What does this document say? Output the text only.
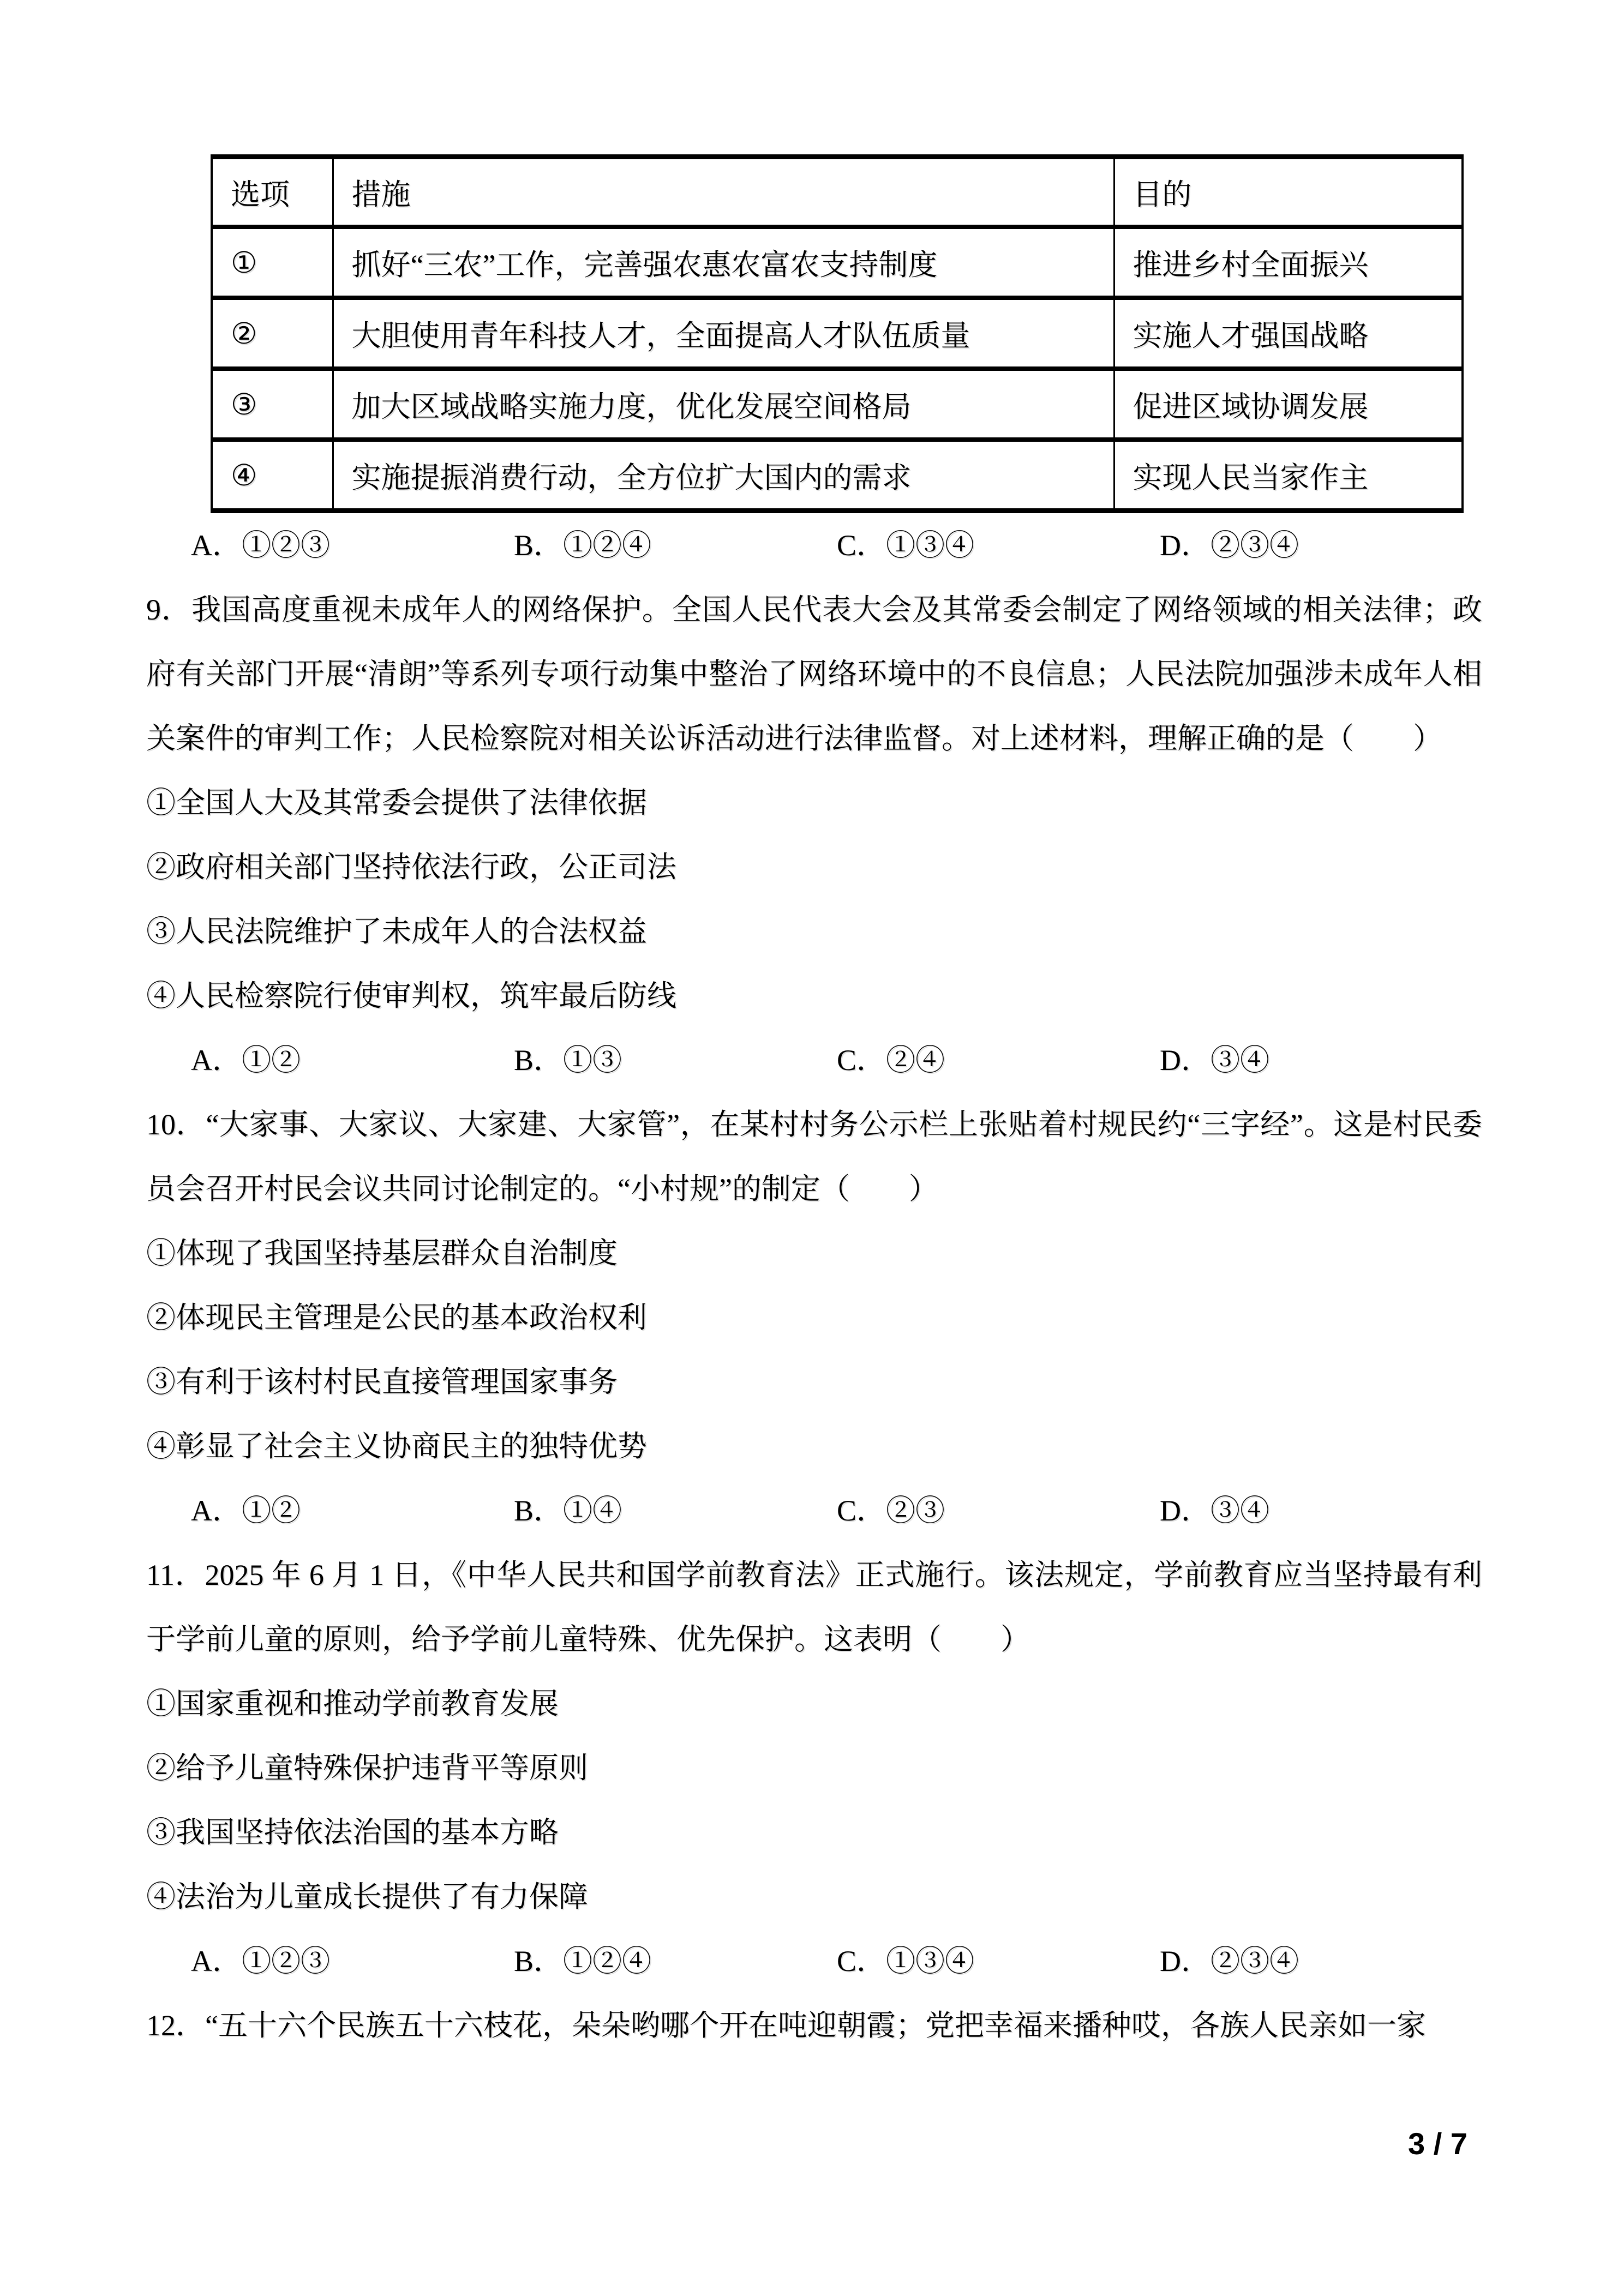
选项	措施	目的
①	抓好“三农”工作，完善强农惠农富农支持制度	推进乡村全面振兴
②	大胆使用青年科技人才，全面提高人才队伍质量	实施人才强国战略
③	加大区域战略实施力度，优化发展空间格局	促进区域协调发展
④	实施提振消费行动，全方位扩大国内的需求	实现人民当家作主
A．①②③	B．①②④	C．①③④	D．②③④

9．我国高度重视未成年人的网络保护。全国人民代表大会及其常委会制定了网络领域的相关法律；政府有关部门开展“清朗”等系列专项行动集中整治了网络环境中的不良信息；人民法院加强涉未成年人相关案件的审判工作；人民检察院对相关讼诉活动进行法律监督。对上述材料，理解正确的是（　　）

①全国人大及其常委会提供了法律依据

②政府相关部门坚持依法行政，公正司法

③人民法院维护了未成年人的合法权益

④人民检察院行使审判权，筑牢最后防线

A．①②	B．①③	C．②④	D．③④

10．“大家事、大家议、大家建、大家管”，在某村村务公示栏上张贴着村规民约“三字经”。这是村民委员会召开村民会议共同讨论制定的。“小村规”的制定（　　）

①体现了我国坚持基层群众自治制度

②体现民主管理是公民的基本政治权利

③有利于该村村民直接管理国家事务

④彰显了社会主义协商民主的独特优势

A．①②	B．①④	C．②③	D．③④

11．2025 年 6 月 1 日，《中华人民共和国学前教育法》正式施行。该法规定，学前教育应当坚持最有利于学前儿童的原则，给予学前儿童特殊、优先保护。这表明（　　）

①国家重视和推动学前教育发展

②给予儿童特殊保护违背平等原则

③我国坚持依法治国的基本方略

④法治为儿童成长提供了有力保障

A．①②③	B．①②④	C．①③④	D．②③④

12．“五十六个民族五十六枝花，朵朵哟哪个开在吨迎朝霞；党把幸福来播种哎，各族人民亲如一家

3 / 7
